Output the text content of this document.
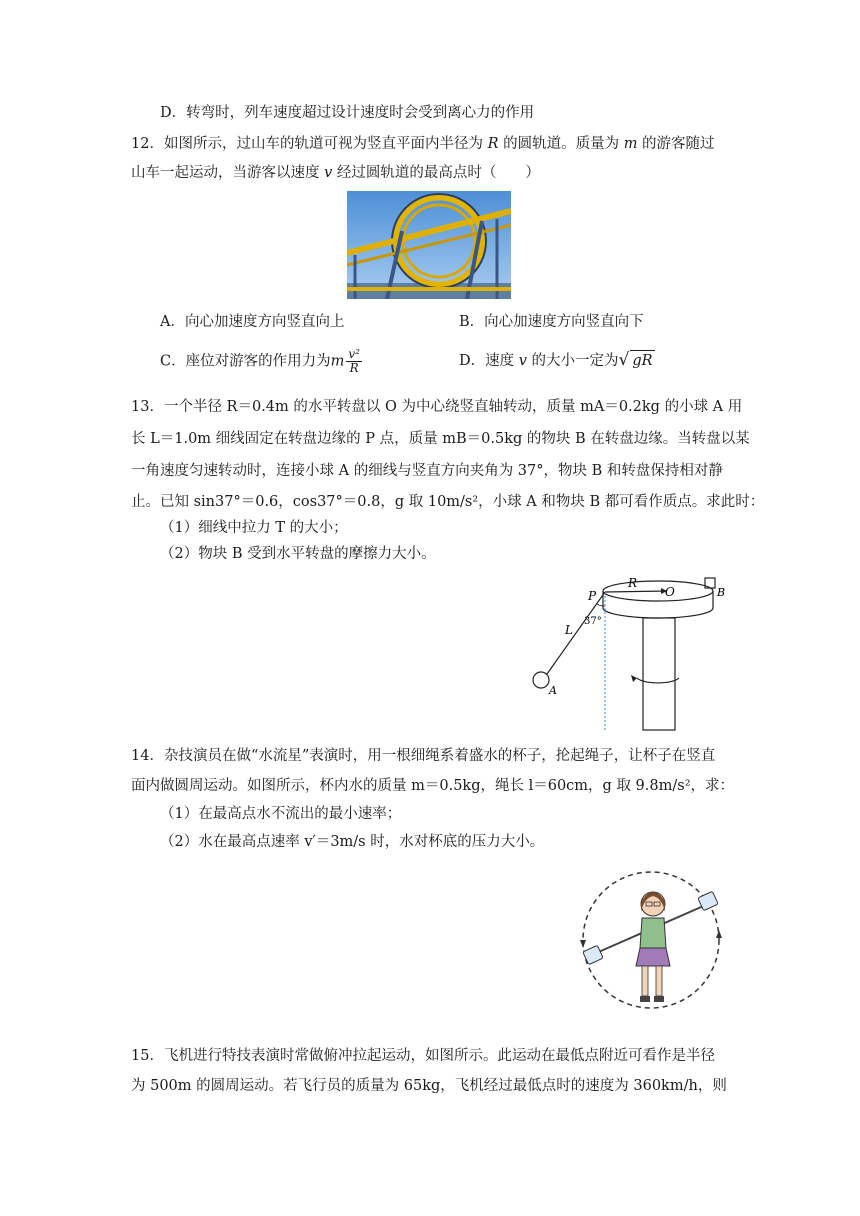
D．转弯时，列车速度超过设计速度时会受到离心力的作用
12．如图所示，过山车的轨道可视为竖直平面内半径为 R 的圆轨道。质量为 m 的游客随过
山车一起运动，当游客以速度 v 经过圆轨道的最高点时（　　）
A．向心加速度方向竖直向上	B．向心加速度方向竖直向下
C．座位对游客的作用力为m $\frac{\text{v²}}{R}$	D．速度 v 的大小一定为√ gR
13．一个半径 R＝0.4m 的水平转盘以 O 为中心绕竖直轴转动，质量 mA＝0.2kg 的小球 A 用
长 L＝1.0m 细线固定在转盘边缘的 P 点，质量 mB＝0.5kg 的物块 B 在转盘边缘。当转盘以某
一角速度匀速转动时，连接小球 A 的细线与竖直方向夹角为 37°，物块 B 和转盘保持相对静
止。已知 sin37°＝0.6，cos37°＝0.8，g 取 10m/s²，小球 A 和物块 B 都可看作质点。求此时：
（1）细线中拉力 T 的大小；
（2）物块 B 受到水平转盘的摩擦力大小。
P
R
O	B
L
37°
A
14．杂技演员在做“水流星”表演时，用一根细绳系着盛水的杯子，抡起绳子，让杯子在竖直
面内做圆周运动。如图所示，杯内水的质量 m＝0.5kg，绳长 l＝60cm，g 取 9.8m/s²，求：
（1）在最高点水不流出的最小速率；
（2）水在最高点速率 v′＝3m/s 时，水对杯底的压力大小。
15．飞机进行特技表演时常做俯冲拉起运动，如图所示。此运动在最低点附近可看作是半径
为 500m 的圆周运动。若飞行员的质量为 65kg，飞机经过最低点时的速度为 360km/h，则
